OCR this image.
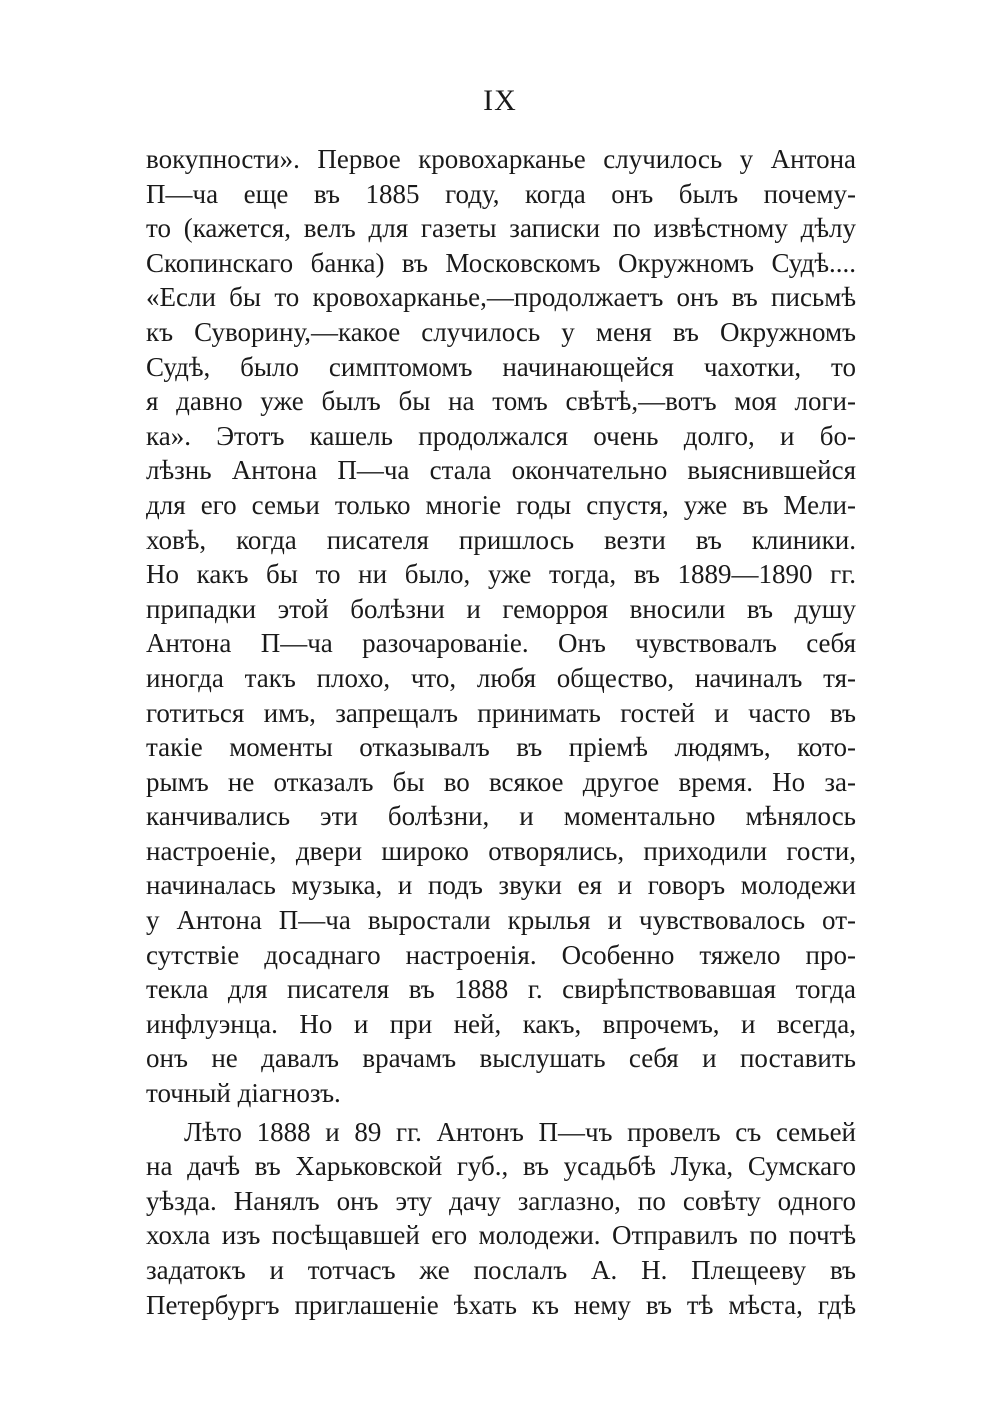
IX
вокупности». Первое кровохарканье случилось у Антона
П—ча еще въ 1885 году, когда онъ былъ почему-
то (кажется, велъ для газеты записки по извѣстному дѣлу
Скопинскаго банка) въ Московскомъ Окружномъ Судѣ....
«Если бы то кровохарканье,—продолжаетъ онъ въ письмѣ
къ Суворину,—какое случилось у меня въ Окружномъ
Судѣ, было симптомомъ начинающейся чахотки, то
я давно уже былъ бы на томъ свѣтѣ,—вотъ моя логи-
ка». Этотъ кашель продолжался очень долго, и бо-
лѣзнь Антона П—ча стала окончательно выяснившейся
для его семьи только многіе годы спустя, уже въ Мели-
ховѣ, когда писателя пришлось везти въ клиники.
Но какъ бы то ни было, уже тогда, въ 1889—1890 гг.
припадки этой болѣзни и геморроя вносили въ душу
Антона П—ча разочарованіе. Онъ чувствовалъ себя
иногда такъ плохо, что, любя общество, начиналъ тя-
готиться имъ, запрещалъ принимать гостей и часто въ
такіе моменты отказывалъ въ пріемѣ людямъ, кото-
рымъ не отказалъ бы во всякое другое время. Но за-
канчивались эти болѣзни, и моментально мѣнялось
настроеніе, двери широко отворялись, приходили гости,
начиналась музыка, и подъ звуки ея и говоръ молодежи
у Антона П—ча выростали крылья и чувствовалось от-
сутствіе досаднаго настроенія. Особенно тяжело про-
текла для писателя въ 1888 г. свирѣпствовавшая тогда
инфлуэнца. Но и при ней, какъ, впрочемъ, и всегда,
онъ не давалъ врачамъ выслушать себя и поставить
точный діагнозъ.
Лѣто 1888 и 89 гг. Антонъ П—чъ провелъ съ семьей
на дачѣ въ Харьковской губ., въ усадьбѣ Лука, Сумскаго
уѣзда. Нанялъ онъ эту дачу заглазно, по совѣту одного
хохла изъ посѣщавшей его молодежи. Отправилъ по почтѣ
задатокъ и тотчасъ же послалъ А. Н. Плещееву въ
Петербургъ приглашеніе ѣхать къ нему въ тѣ мѣста, гдѣ
